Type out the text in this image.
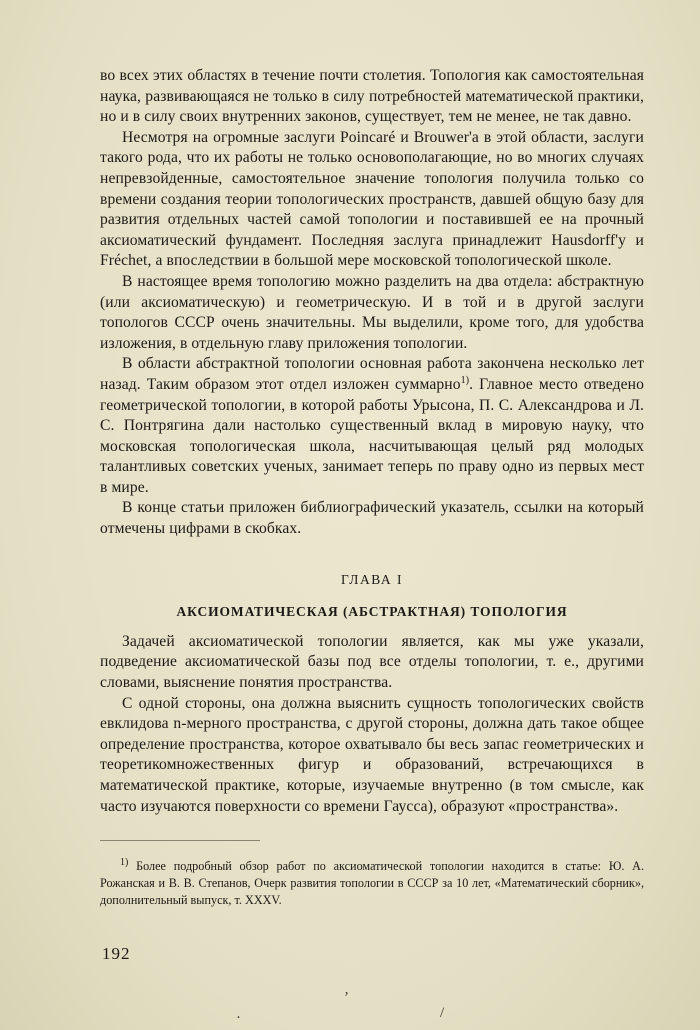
во всех этих областях в течение почти столетия. Топология как самостоятельная наука, развивающаяся не только в силу потребностей математической практики, но и в силу своих внутренних законов, существует, тем не менее, не так давно.

Несмотря на огромные заслуги Poincaré и Brouwer'a в этой области, заслуги такого рода, что их работы не только основополагающие, но во многих случаях непревзойденные, самостоятельное значение топология получила только со времени создания теории топологических пространств, давшей общую базу для развития отдельных частей самой топологии и поставившей ее на прочный аксиоматический фундамент. Последняя заслуга принадлежит Hausdorff'у и Fréchet, а впоследствии в большой мере московской топологической школе.

В настоящее время топологию можно разделить на два отдела: абстрактную (или аксиоматическую) и геометрическую. И в той и в другой заслуги топологов СССР очень значительны. Мы выделили, кроме того, для удобства изложения, в отдельную главу приложения топологии.

В области абстрактной топологии основная работа закончена несколько лет назад. Таким образом этот отдел изложен суммарно$^{1)}$. Главное место отведено геометрической топологии, в которой работы Урысона, П. С. Александрова и Л. С. Понтрягина дали настолько существенный вклад в мировую науку, что московская топологическая школа, насчитывающая целый ряд молодых талантливых советских ученых, занимает теперь по праву одно из первых мест в мире.

В конце статьи приложен библиографический указатель, ссылки на который отмечены цифрами в скобках.

ГЛАВА I
АКСИОМАТИЧЕСКАЯ (АБСТРАКТНАЯ) ТОПОЛОГИЯ

Задачей аксиоматической топологии является, как мы уже указали, подведение аксиоматической базы под все отделы топологии, т. е., другими словами, выяснение понятия пространства.

С одной стороны, она должна выяснить сущность топологических свойств евклидова n-мерного пространства, с другой стороны, должна дать такое общее определение пространства, которое охватывало бы весь запас геометрических и теоретикомножественных фигур и образований, встречающихся в математической практике, которые, изучаемые внутренно (в том смысле, как часто изучаются поверхности со времени Гаусса), образуют «пространства».

$^{1)}$ Более подробный обзор работ по аксиоматической топологии находится в статье: Ю. А. Рожанская и В. В. Степанов, Очерк развития топологии в СССР за 10 лет, «Математический сборник», дополнительный выпуск, т. XXXV.

192
ʼ
/
·
